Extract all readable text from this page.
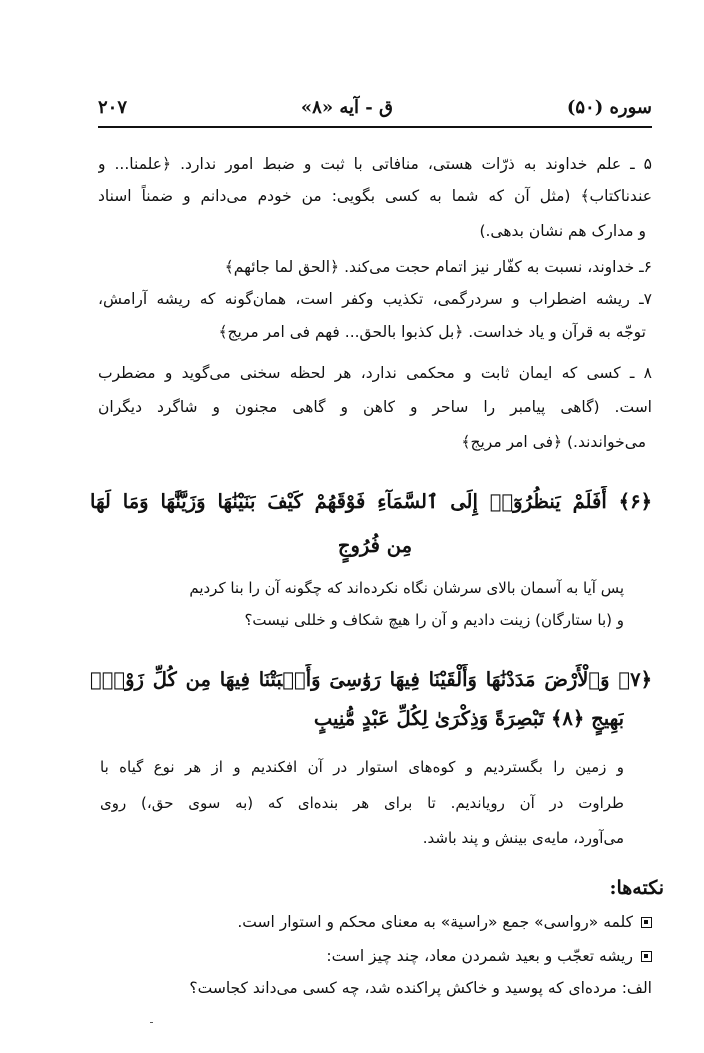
سوره (۵۰)
ق - آیه «۸»
۲۰۷
۵ ـ علم خداوند به ذرّات هستی، منافاتی با ثبت و ضبط امور ندارد. ﴿علمنا... و
عندناکتاب﴾ (مثل آن که شما به کسی بگویی: من خودم می‌دانم و ضمناً اسناد
و مدارک هم نشان بدهی.)
۶ـ خداوند، نسبت به کفّار نیز اتمام حجت می‌کند. ﴿الحق لما جائهم﴾
۷ـ ریشه اضطراب و سردرگمی، تکذیب وکفر است، همان‌گونه که ریشه آرامش،
توجّه به قرآن و یاد خداست. ﴿بل کذبوا بالحق... فهم فی امر مریج﴾
۸ ـ کسی که ایمان ثابت و محکمی ندارد، هر لحظه سخنی می‌گوید و مضطرب
است. (گاهی پیامبر را ساحر و کاهن و گاهی مجنون و شاگرد دیگران
می‌خواندند.) ﴿فی امر مریج﴾
﴿۶﴾ أَفَلَمْ يَنظُرُوٓا۟ إِلَى ٱلسَّمَآءِ فَوْقَهُمْ كَيْفَ بَنَيْنَٰهَا وَزَيَّنَّٰهَا وَمَا لَهَا
مِن فُرُوجٍ
پس آیا به آسمان بالای سرشان نگاه نکرده‌اند که چگونه آن را بنا کردیم
و (با ستارگان) زینت دادیم و آن را هیچ شکاف و خللی نیست؟
﴿۷﴾ وَٱلْأَرْضَ مَدَدْنَٰهَا وَأَلْقَيْنَا فِيهَا رَوَٰسِىَ وَأَنۢبَتْنَا فِيهَا مِن كُلِّ زَوْجٍۭ
بَهِيجٍ ﴿۸﴾ تَبْصِرَةً وَذِكْرَىٰ لِكُلِّ عَبْدٍ مُّنِيبٍ
و زمین را بگستردیم و کوه‌های استوار در آن افکندیم و از هر نوع گیاه با
طراوت در آن رویاندیم. تا برای هر بنده‌ای که (به سوی حق،) روی
می‌آورد، مایه‌ی بینش و پند باشد.
نکته‌ها:
کلمه «رواسی» جمع «راسیة» به معنای محکم و استوار است.
ریشه تعجّب و بعید شمردن معاد، چند چیز است:
الف: مرده‌ای که پوسید و خاکش پراکنده شد، چه کسی می‌داند کجاست؟
